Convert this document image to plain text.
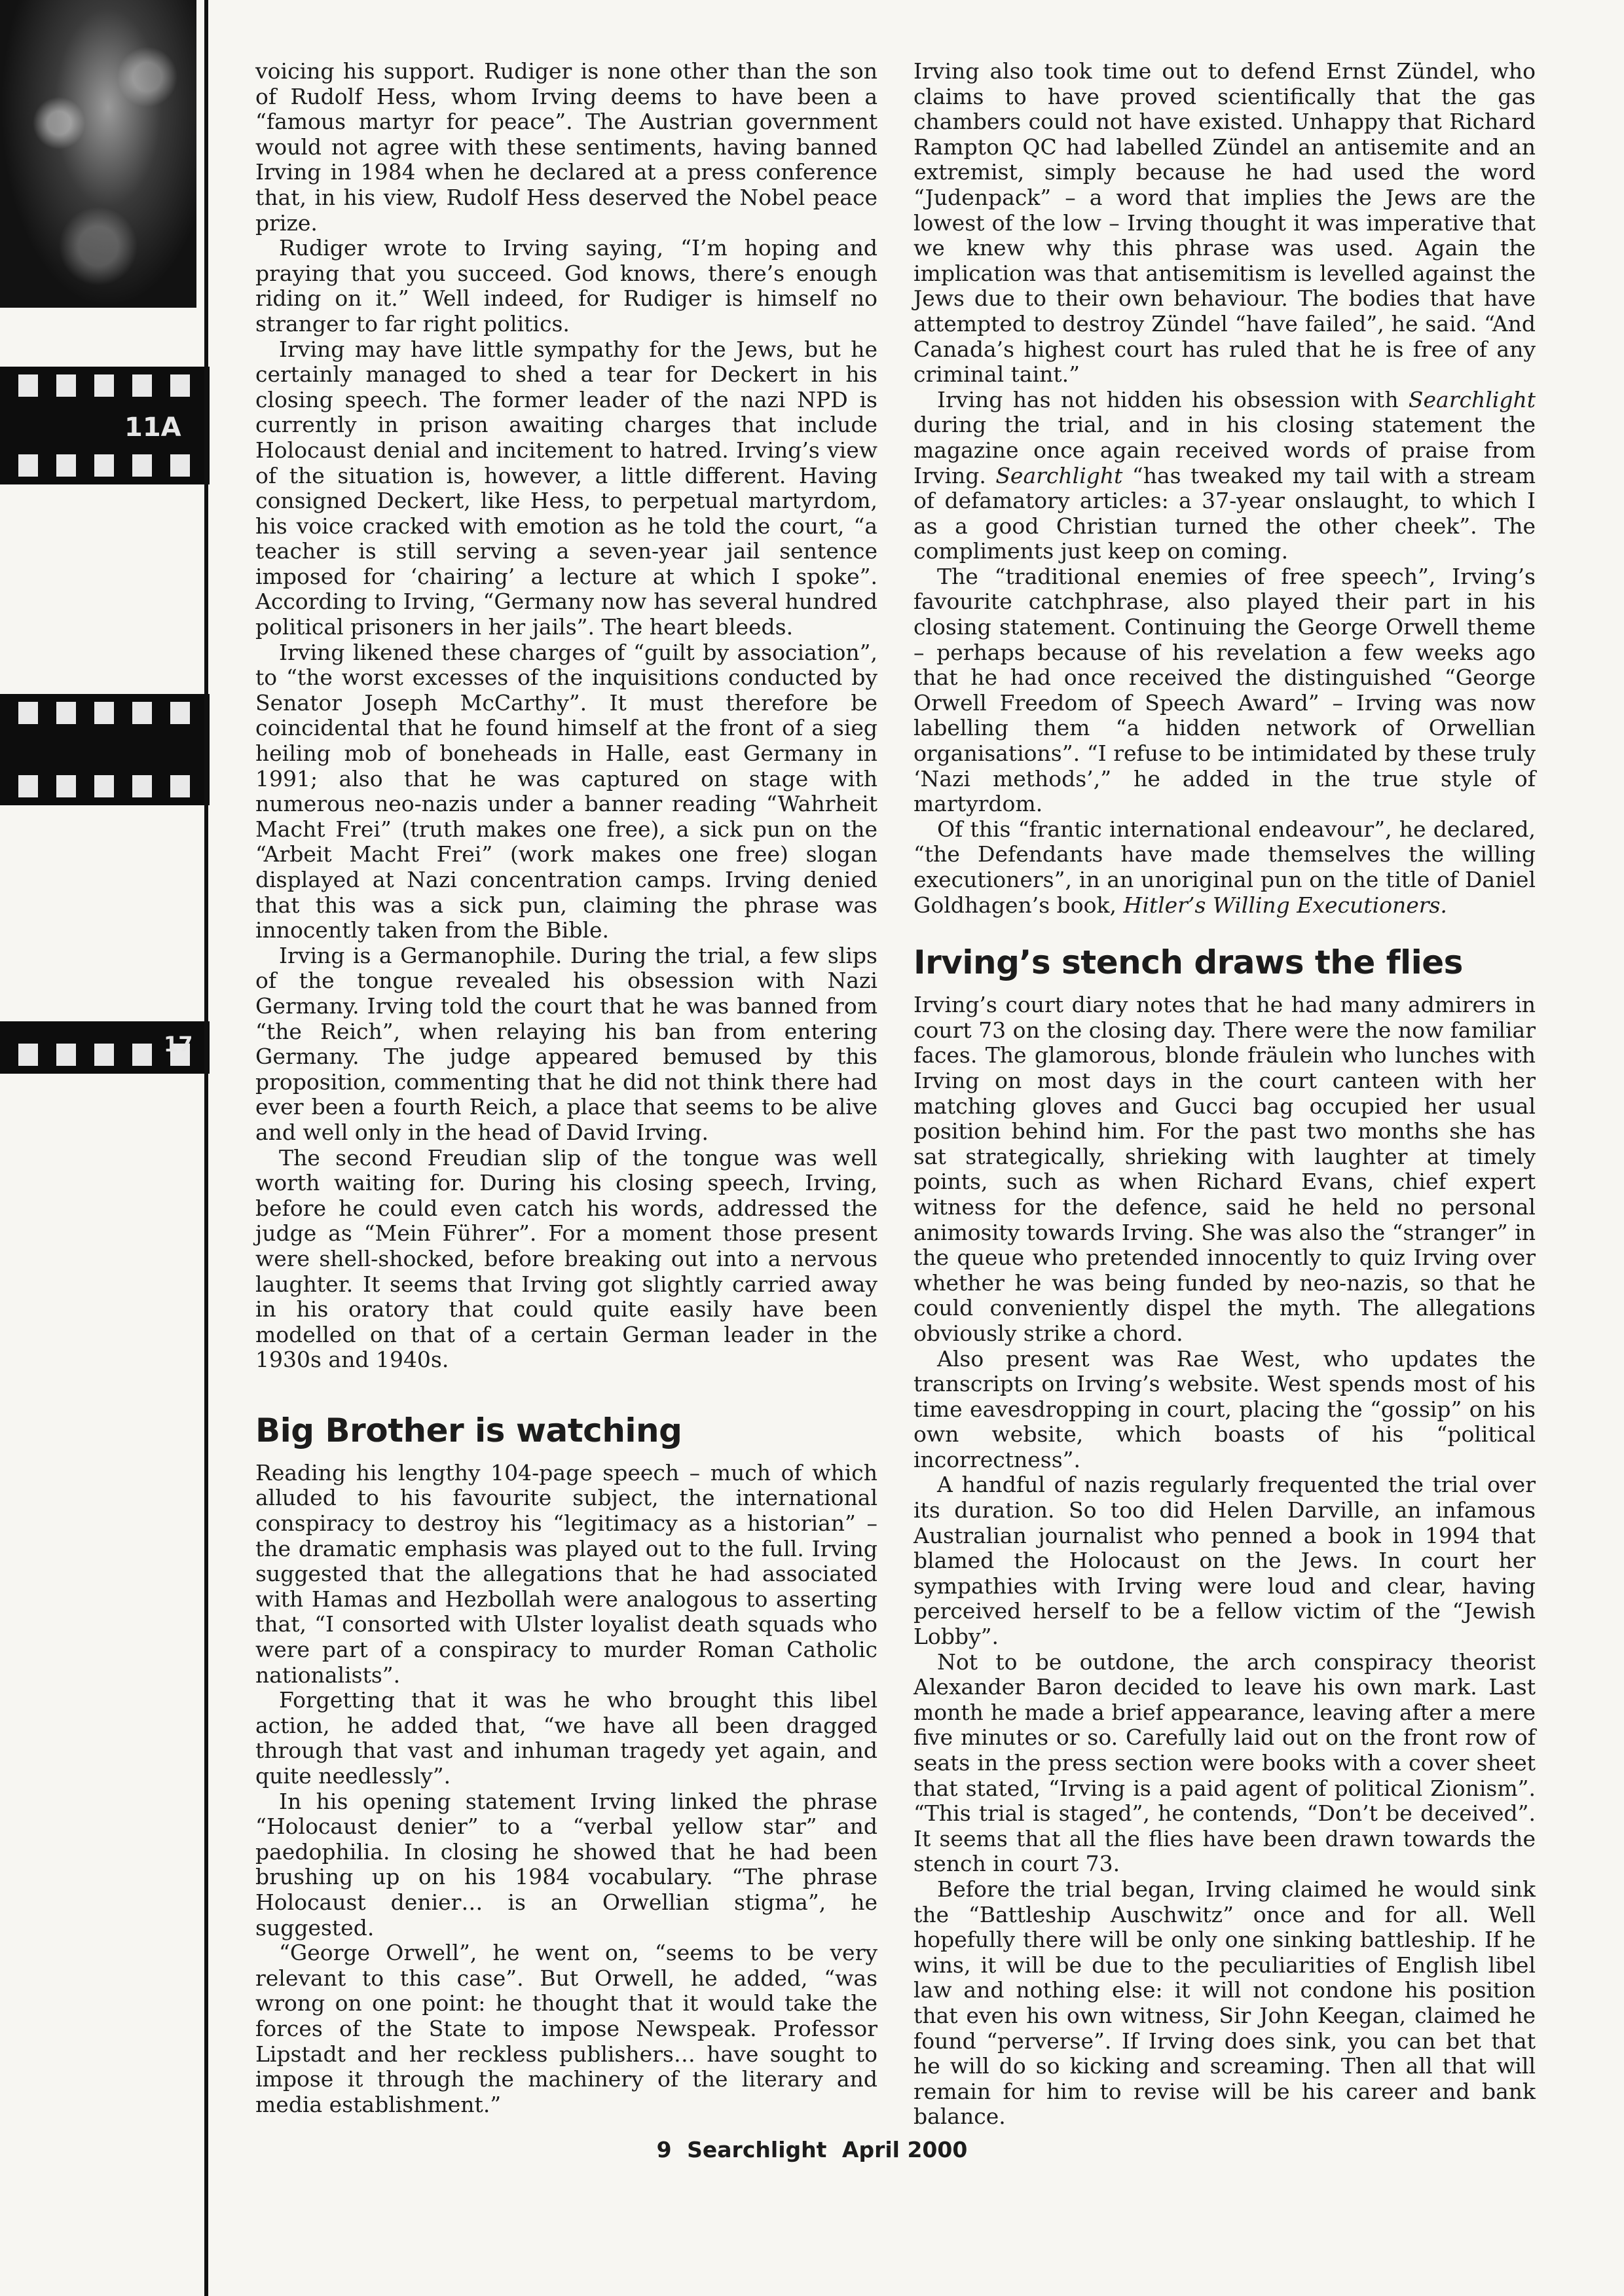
11A
17

voicing his support. Rudiger is none other than the son of Rudolf Hess, whom Irving deems to have been a “famous martyr for peace”. The Austrian government would not agree with these sentiments, having banned Irving in 1984 when he declared at a press conference that, in his view, Rudolf Hess deserved the Nobel peace prize.

Rudiger wrote to Irving saying, “I’m hoping and praying that you succeed. God knows, there’s enough riding on it.” Well indeed, for Rudiger is himself no stranger to far right politics.

Irving may have little sympathy for the Jews, but he certainly managed to shed a tear for Deckert in his closing speech. The former leader of the nazi NPD is currently in prison awaiting charges that include Holocaust denial and incitement to hatred. Irving’s view of the situation is, however, a little different. Having consigned Deckert, like Hess, to perpetual martyrdom, his voice cracked with emotion as he told the court, “a teacher is still serving a seven-year jail sentence imposed for ‘chairing’ a lecture at which I spoke”. According to Irving, “Germany now has several hundred political prisoners in her jails”. The heart bleeds.

Irving likened these charges of “guilt by association”, to “the worst excesses of the inquisitions conducted by Senator Joseph McCarthy”. It must therefore be coincidental that he found himself at the front of a sieg heiling mob of boneheads in Halle, east Germany in 1991; also that he was captured on stage with numerous neo-nazis under a banner reading “Wahrheit Macht Frei” (truth makes one free), a sick pun on the “Arbeit Macht Frei” (work makes one free) slogan displayed at Nazi concentration camps. Irving denied that this was a sick pun, claiming the phrase was innocently taken from the Bible.

Irving is a Germanophile. During the trial, a few slips of the tongue revealed his obsession with Nazi Germany. Irving told the court that he was banned from “the Reich”, when relaying his ban from entering Germany. The judge appeared bemused by this proposition, commenting that he did not think there had ever been a fourth Reich, a place that seems to be alive and well only in the head of David Irving.

The second Freudian slip of the tongue was well worth waiting for. During his closing speech, Irving, before he could even catch his words, addressed the judge as “Mein Führer”. For a moment those present were shell-shocked, before breaking out into a nervous laughter. It seems that Irving got slightly carried away in his oratory that could quite easily have been modelled on that of a certain German leader in the 1930s and 1940s.

Big Brother is watching

Reading his lengthy 104-page speech – much of which alluded to his favourite subject, the international conspiracy to destroy his “legitimacy as a historian” – the dramatic emphasis was played out to the full. Irving suggested that the allegations that he had associated with Hamas and Hezbollah were analogous to asserting that, “I consorted with Ulster loyalist death squads who were part of a conspiracy to murder Roman Catholic nationalists”.

Forgetting that it was he who brought this libel action, he added that, “we have all been dragged through that vast and inhuman tragedy yet again, and quite needlessly”.

In his opening statement Irving linked the phrase “Holocaust denier” to a “verbal yellow star” and paedophilia. In closing he showed that he had been brushing up on his 1984 vocabulary. “The phrase Holocaust denier… is an Orwellian stigma”, he suggested.

“George Orwell”, he went on, “seems to be very relevant to this case”. But Orwell, he added, “was wrong on one point: he thought that it would take the forces of the State to impose Newspeak. Professor Lipstadt and her reckless publishers… have sought to impose it through the machinery of the literary and media establishment.”

Irving also took time out to defend Ernst Zündel, who claims to have proved scientifically that the gas chambers could not have existed. Unhappy that Richard Rampton QC had labelled Zündel an antisemite and an extremist, simply because he had used the word “Judenpack” – a word that implies the Jews are the lowest of the low – Irving thought it was imperative that we knew why this phrase was used. Again the implication was that antisemitism is levelled against the Jews due to their own behaviour. The bodies that have attempted to destroy Zündel “have failed”, he said. “And Canada’s highest court has ruled that he is free of any criminal taint.”

Irving has not hidden his obsession with Searchlight during the trial, and in his closing statement the magazine once again received words of praise from Irving. Searchlight “has tweaked my tail with a stream of defamatory articles: a 37-year onslaught, to which I as a good Christian turned the other cheek”. The compliments just keep on coming.

The “traditional enemies of free speech”, Irving’s favourite catchphrase, also played their part in his closing statement. Continuing the George Orwell theme – perhaps because of his revelation a few weeks ago that he had once received the distinguished “George Orwell Freedom of Speech Award” – Irving was now labelling them “a hidden network of Orwellian organisations”. “I refuse to be intimidated by these truly ‘Nazi methods’,” he added in the true style of martyrdom.

Of this “frantic international endeavour”, he declared, “the Defendants have made themselves the willing executioners”, in an unoriginal pun on the title of Daniel Goldhagen’s book, Hitler’s Willing Executioners.

Irving’s stench draws the flies

Irving’s court diary notes that he had many admirers in court 73 on the closing day. There were the now familiar faces. The glamorous, blonde fräulein who lunches with Irving on most days in the court canteen with her matching gloves and Gucci bag occupied her usual position behind him. For the past two months she has sat strategically, shrieking with laughter at timely points, such as when Richard Evans, chief expert witness for the defence, said he held no personal animosity towards Irving. She was also the “stranger” in the queue who pretended innocently to quiz Irving over whether he was being funded by neo-nazis, so that he could conveniently dispel the myth. The allegations obviously strike a chord.

Also present was Rae West, who updates the transcripts on Irving’s website. West spends most of his time eavesdropping in court, placing the “gossip” on his own website, which boasts of his “political incorrectness”.

A handful of nazis regularly frequented the trial over its duration. So too did Helen Darville, an infamous Australian journalist who penned a book in 1994 that blamed the Holocaust on the Jews. In court her sympathies with Irving were loud and clear, having perceived herself to be a fellow victim of the “Jewish Lobby”.

Not to be outdone, the arch conspiracy theorist Alexander Baron decided to leave his own mark. Last month he made a brief appearance, leaving after a mere five minutes or so. Carefully laid out on the front row of seats in the press section were books with a cover sheet that stated, “Irving is a paid agent of political Zionism”. “This trial is staged”, he contends, “Don’t be deceived”. It seems that all the flies have been drawn towards the stench in court 73.

Before the trial began, Irving claimed he would sink the “Battleship Auschwitz” once and for all. Well hopefully there will be only one sinking battleship. If he wins, it will be due to the peculiarities of English libel law and nothing else: it will not condone his position that even his own witness, Sir John Keegan, claimed he found “perverse”. If Irving does sink, you can bet that he will do so kicking and screaming. Then all that will remain for him to revise will be his career and bank balance.

9 Searchlight April 2000
